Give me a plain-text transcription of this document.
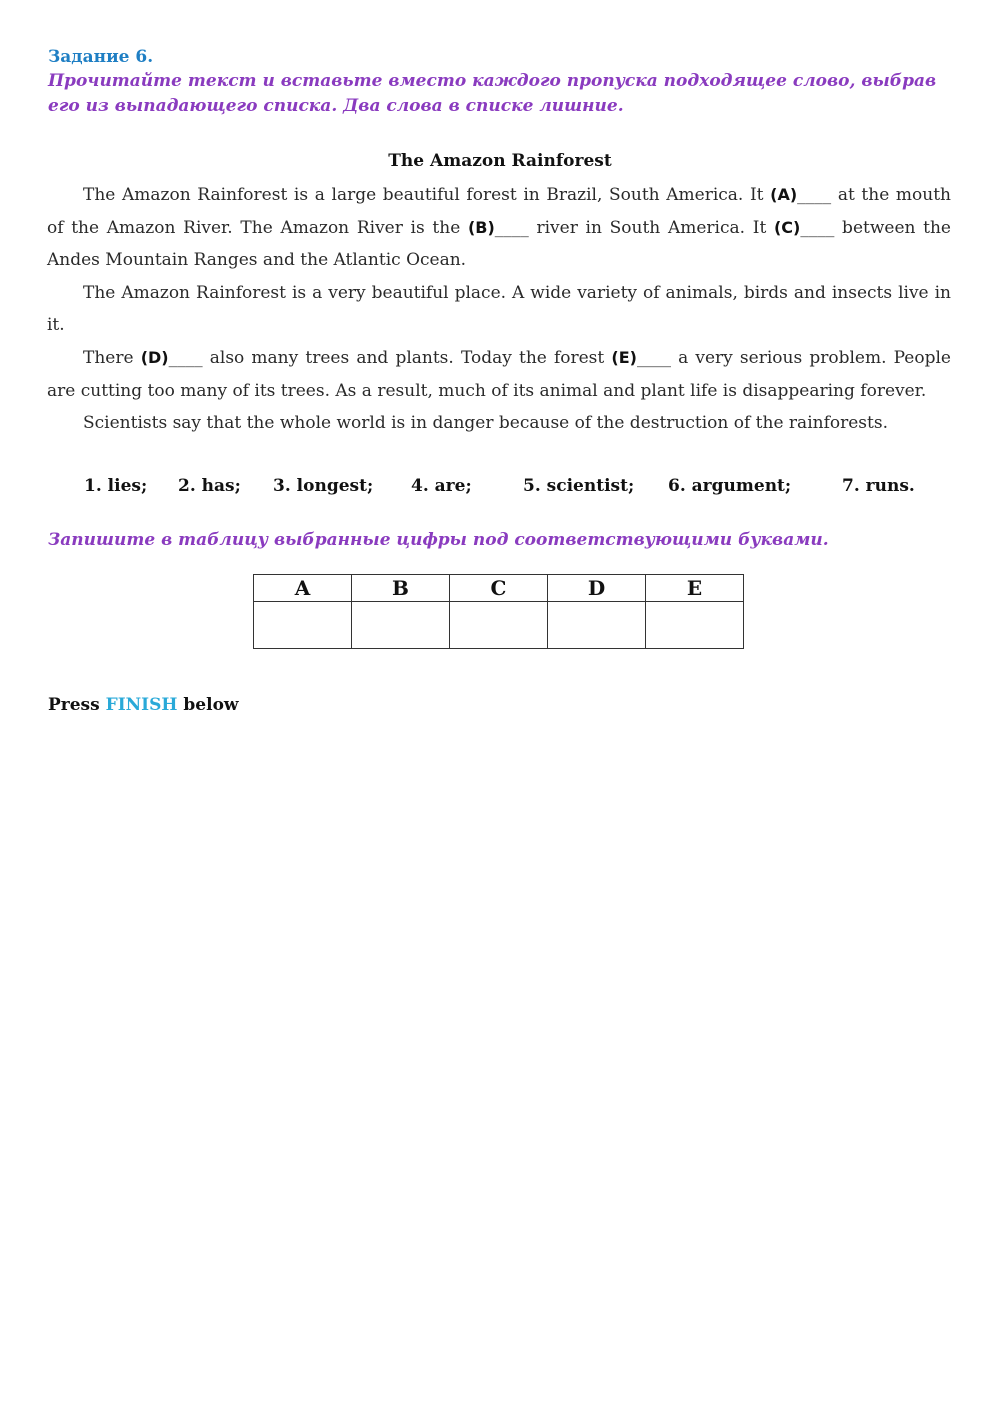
Задание 6.
Прочитайте текст и вставьте вместо каждого пропуска подходящее слово, выбрав его из выпадающего списка. Два слова в списке лишние.
The Amazon Rainforest

The Amazon Rainforest is a large beautiful forest in Brazil, South America. It (A)____ at the mouth of the Amazon River. The Amazon River is the (B)____ river in South America. It (C)____ between the Andes Mountain Ranges and the Atlantic Ocean.

The Amazon Rainforest is a very beautiful place. A wide variety of animals, birds and insects live in it.

There (D)____ also many trees and plants. Today the forest (E)____ a very serious problem. People are cutting too many of its trees. As a result, much of its animal and plant life is disappearing forever.

Scientists say that the whole world is in danger because of the destruction of the rainforests.

1. lies; 2. has; 3. longest; 4. are;	5. scientist; 6. argument;	7. runs.
Запишите в таблицу выбранные цифры под соответствующими буквами.
A	B	C	D	E

Press FINISH below
